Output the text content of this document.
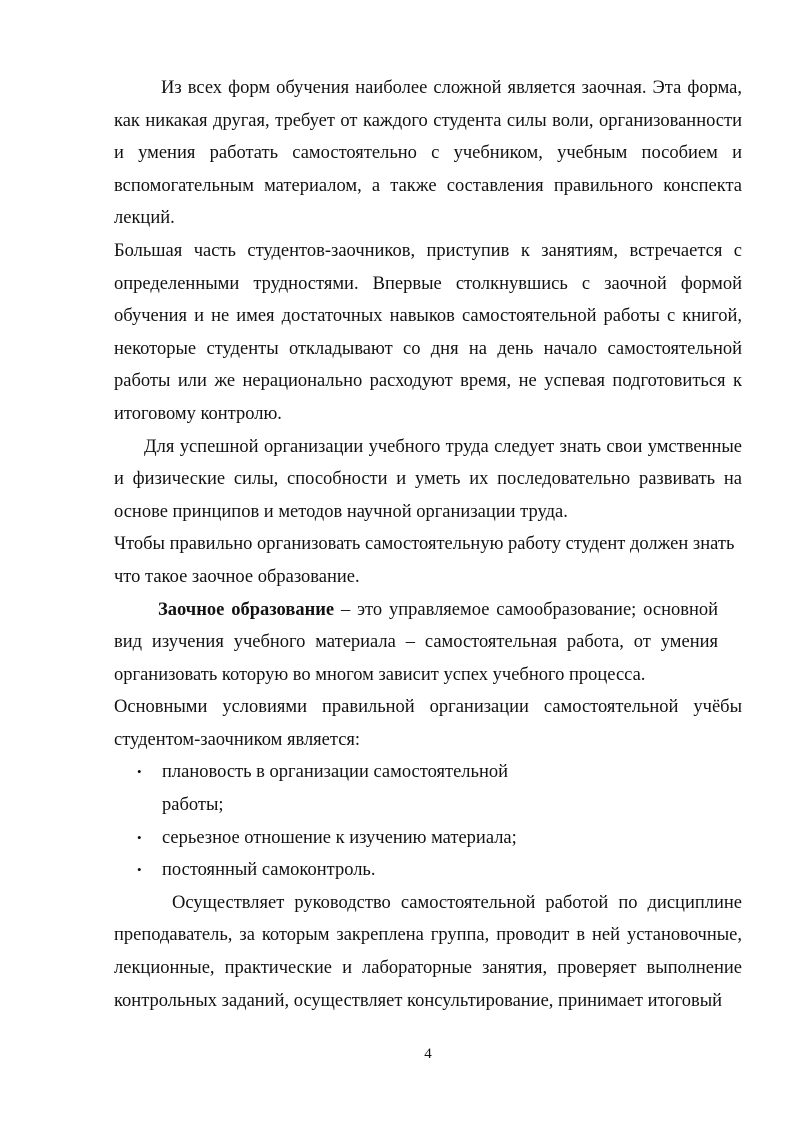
Из всех форм обучения наиболее сложной является заочная. Эта форма, как никакая другая, требует от каждого студента силы воли, организованности и умения работать самостоятельно с учебником, учебным пособием и вспомогательным материалом, а также составления правильного конспекта лекций.

Большая часть студентов-заочников, приступив к занятиям, встречается с определенными трудностями. Впервые столкнувшись с заочной формой обучения и не имея достаточных навыков самостоятельной работы с книгой, некоторые студенты откладывают со дня на день начало самостоятельной работы или же нерационально расходуют время, не успевая подготовиться к итоговому контролю.

Для успешной организации учебного труда следует знать свои умственные и физические силы, способности и уметь их последовательно развивать на основе принципов и методов научной организации труда.

Чтобы правильно организовать самостоятельную работу студент должен знать что такое заочное образование.

Заочное образование – это управляемое самообразование; основной вид изучения учебного материала – самостоятельная работа, от умения организовать которую во многом зависит успех учебного процесса.

Основными условиями правильной организации самостоятельной учёбы студентом-заочником является:

• плановость в организации самостоятельной работы;
• серьезное отношение к изучению материала;
• постоянный самоконтроль.

Осуществляет руководство самостоятельной работой по дисциплине преподаватель, за которым закреплена группа, проводит в ней установочные, лекционные, практические и лабораторные занятия, проверяет выполнение контрольных заданий, осуществляет консультирование, принимает итоговый

4
